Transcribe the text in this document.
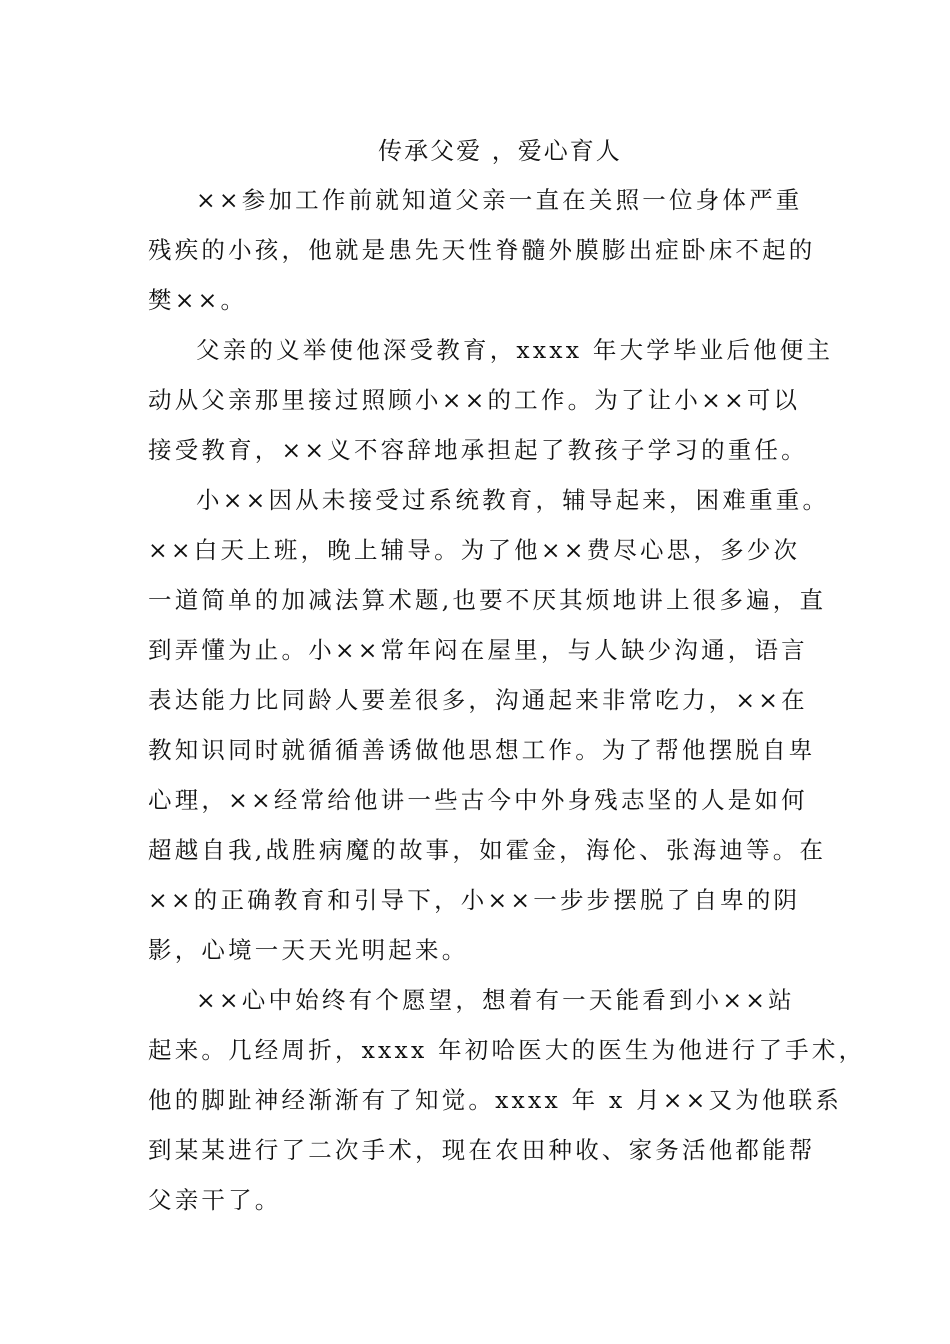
传承父爱 ，爱心育人
××参加工作前就知道父亲一直在关照一位身体严重
残疾的小孩，他就是患先天性脊髓外膜膨出症卧床不起的
樊××。
父亲的义举使他深受教育，xxxx 年大学毕业后他便主
动从父亲那里接过照顾小××的工作。为了让小××可以
接受教育，××义不容辞地承担起了教孩子学习的重任。
小××因从未接受过系统教育，辅导起来，困难重重。
××白天上班，晚上辅导。为了他××费尽心思，多少次
一道简单的加减法算术题,也要不厌其烦地讲上很多遍，直
到弄懂为止。小××常年闷在屋里，与人缺少沟通，语言
表达能力比同龄人要差很多，沟通起来非常吃力，××在
教知识同时就循循善诱做他思想工作。为了帮他摆脱自卑
心理，××经常给他讲一些古今中外身残志坚的人是如何
超越自我,战胜病魔的故事，如霍金，海伦、张海迪等。在
××的正确教育和引导下，小××一步步摆脱了自卑的阴
影，心境一天天光明起来。
××心中始终有个愿望，想着有一天能看到小××站
起来。几经周折，xxxx 年初哈医大的医生为他进行了手术，
他的脚趾神经渐渐有了知觉。xxxx 年 x 月××又为他联系
到某某进行了二次手术，现在农田种收、家务活他都能帮
父亲干了。
